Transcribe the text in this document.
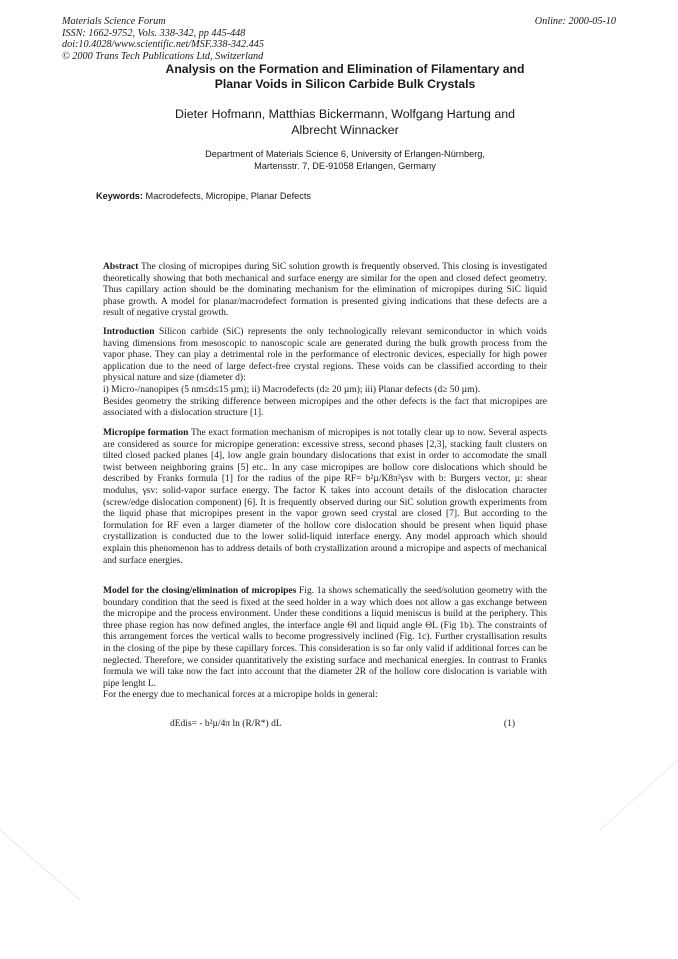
Materials Science Forum
ISSN: 1662-9752, Vols. 338-342, pp 445-448
doi:10.4028/www.scientific.net/MSF.338-342.445
© 2000 Trans Tech Publications Ltd, Switzerland
Online: 2000-05-10
Analysis on the Formation and Elimination of Filamentary and
Planar Voids in Silicon Carbide Bulk Crystals
Dieter Hofmann, Matthias Bickermann, Wolfgang Hartung and
Albrecht Winnacker
Department of Materials Science 6, University of Erlangen-Nürnberg,
Martensstr. 7, DE-91058 Erlangen, Germany
Keywords: Macrodefects, Micropipe, Planar Defects

Abstract The closing of micropipes during SiC solution growth is frequently observed. This closing is investigated theoretically showing that both mechanical and surface energy are similar for the open and closed defect geometry. Thus capillary action should be the dominating mechanism for the elimination of micropipes during SiC liquid phase growth. A model for planar/macrodefect formation is presented giving indications that these defects are a result of negative crystal growth.

Introduction Silicon carbide (SiC) represents the only technologically relevant semiconductor in which voids having dimensions from mesoscopic to nanoscopic scale are generated during the bulk growth process from the vapor phase. They can play a detrimental role in the performance of electronic devices, especially for high power application due to the need of large defect-free crystal regions. These voids can be classified according to their physical nature and size (diameter d):

i) Micro-/nanopipes (5 nm≤d≤15 µm); ii) Macrodefects (d≥ 20 µm); iii) Planar defects (d≥ 50 µm).

Besides geometry the striking difference between micropipes and the other defects is the fact that micropipes are associated with a dislocation structure [1].

Micropipe formation The exact formation mechanism of micropipes is not totally clear up to now. Several aspects are considered as source for micropipe generation: excessive stress, second phases [2,3], stacking fault clusters on tilted closed packed planes [4], low angle grain boundary dislocations that exist in order to accomodate the small twist between neighboring grains [5] etc.. In any case micropipes are hollow core dislocations which should be described by Franks formula [1] for the radius of the pipe RF= b²µ/K8π²γsv with b: Burgers vector, µ: shear modulus, γsv: solid-vapor surface energy. The factor K takes into account details of the dislocation character (screw/edge dislocation component) [6]. It is frequently observed during our SiC solution growth experiments from the liquid phase that micropipes present in the vapor grown seed crystal are closed [7]. But according to the formulation for RF even a larger diameter of the hollow core dislocation should be present when liquid phase crystallization is conducted due to the lower solid-liquid interface energy. Any model approach which should explain this phenomenon has to address details of both crystallization around a micropipe and aspects of mechanical and surface energies.

Model for the closing/elimination of micropipes Fig. 1a shows schematically the seed/solution geometry with the boundary condition that the seed is fixed at the seed holder in a way which does not allow a gas exchange between the micropipe and the process environment. Under these conditions a liquid meniscus is build at the periphery. This three phase region has now defined angles, the interface angle Θl and liquid angle ΘL (Fig 1b). The constraints of this arrangement forces the vertical walls to become progressively inclined (Fig. 1c). Further crystallisation results in the closing of the pipe by these capillary forces. This consideration is so far only valid if additional forces can be neglected. Therefore, we consider quantitatively the existing surface and mechanical energies. In contrast to Franks formula we will take now the fact into account that the diameter 2R of the hollow core dislocation is variable with pipe lenght L.

For the energy due to mechanical forces at a micropipe holds in general:

dEdis= - b²µ/4π ln (R/R*) dL	(1)
